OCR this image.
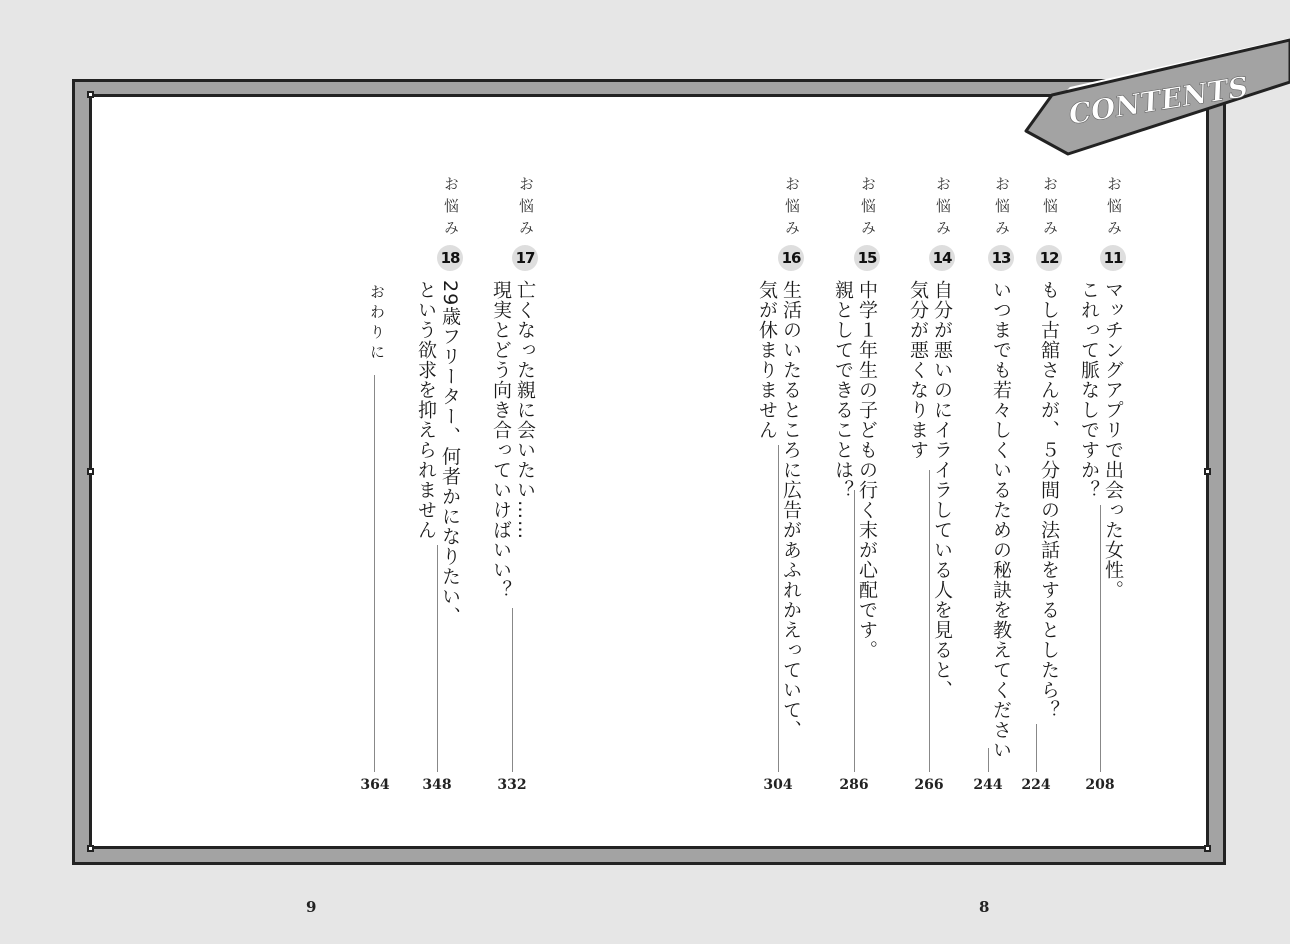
CONTENTS
お悩み
11
マッチングアプリで出会った女性。
これって脈なしですか？
208
お悩み
12
もし古舘さんが、５分間の法話をするとしたら？
224
お悩み
13
いつまでも若々しくいるための秘訣を教えてください
244
お悩み
14
自分が悪いのにイライラしている人を見ると、
気分が悪くなります
266
お悩み
15
中学１年生の子どもの行く末が心配です。
親としてできることは？
286
お悩み
16
生活のいたるところに広告があふれかえっていて、
気が休まりません
304
お悩み
17
亡くなった親に会いたい……
現実とどう向き合っていけばいい？
332
お悩み
18
29歳フリーター、何者かになりたい、
という欲求を抑えられません
348
おわりに
364
9	8
